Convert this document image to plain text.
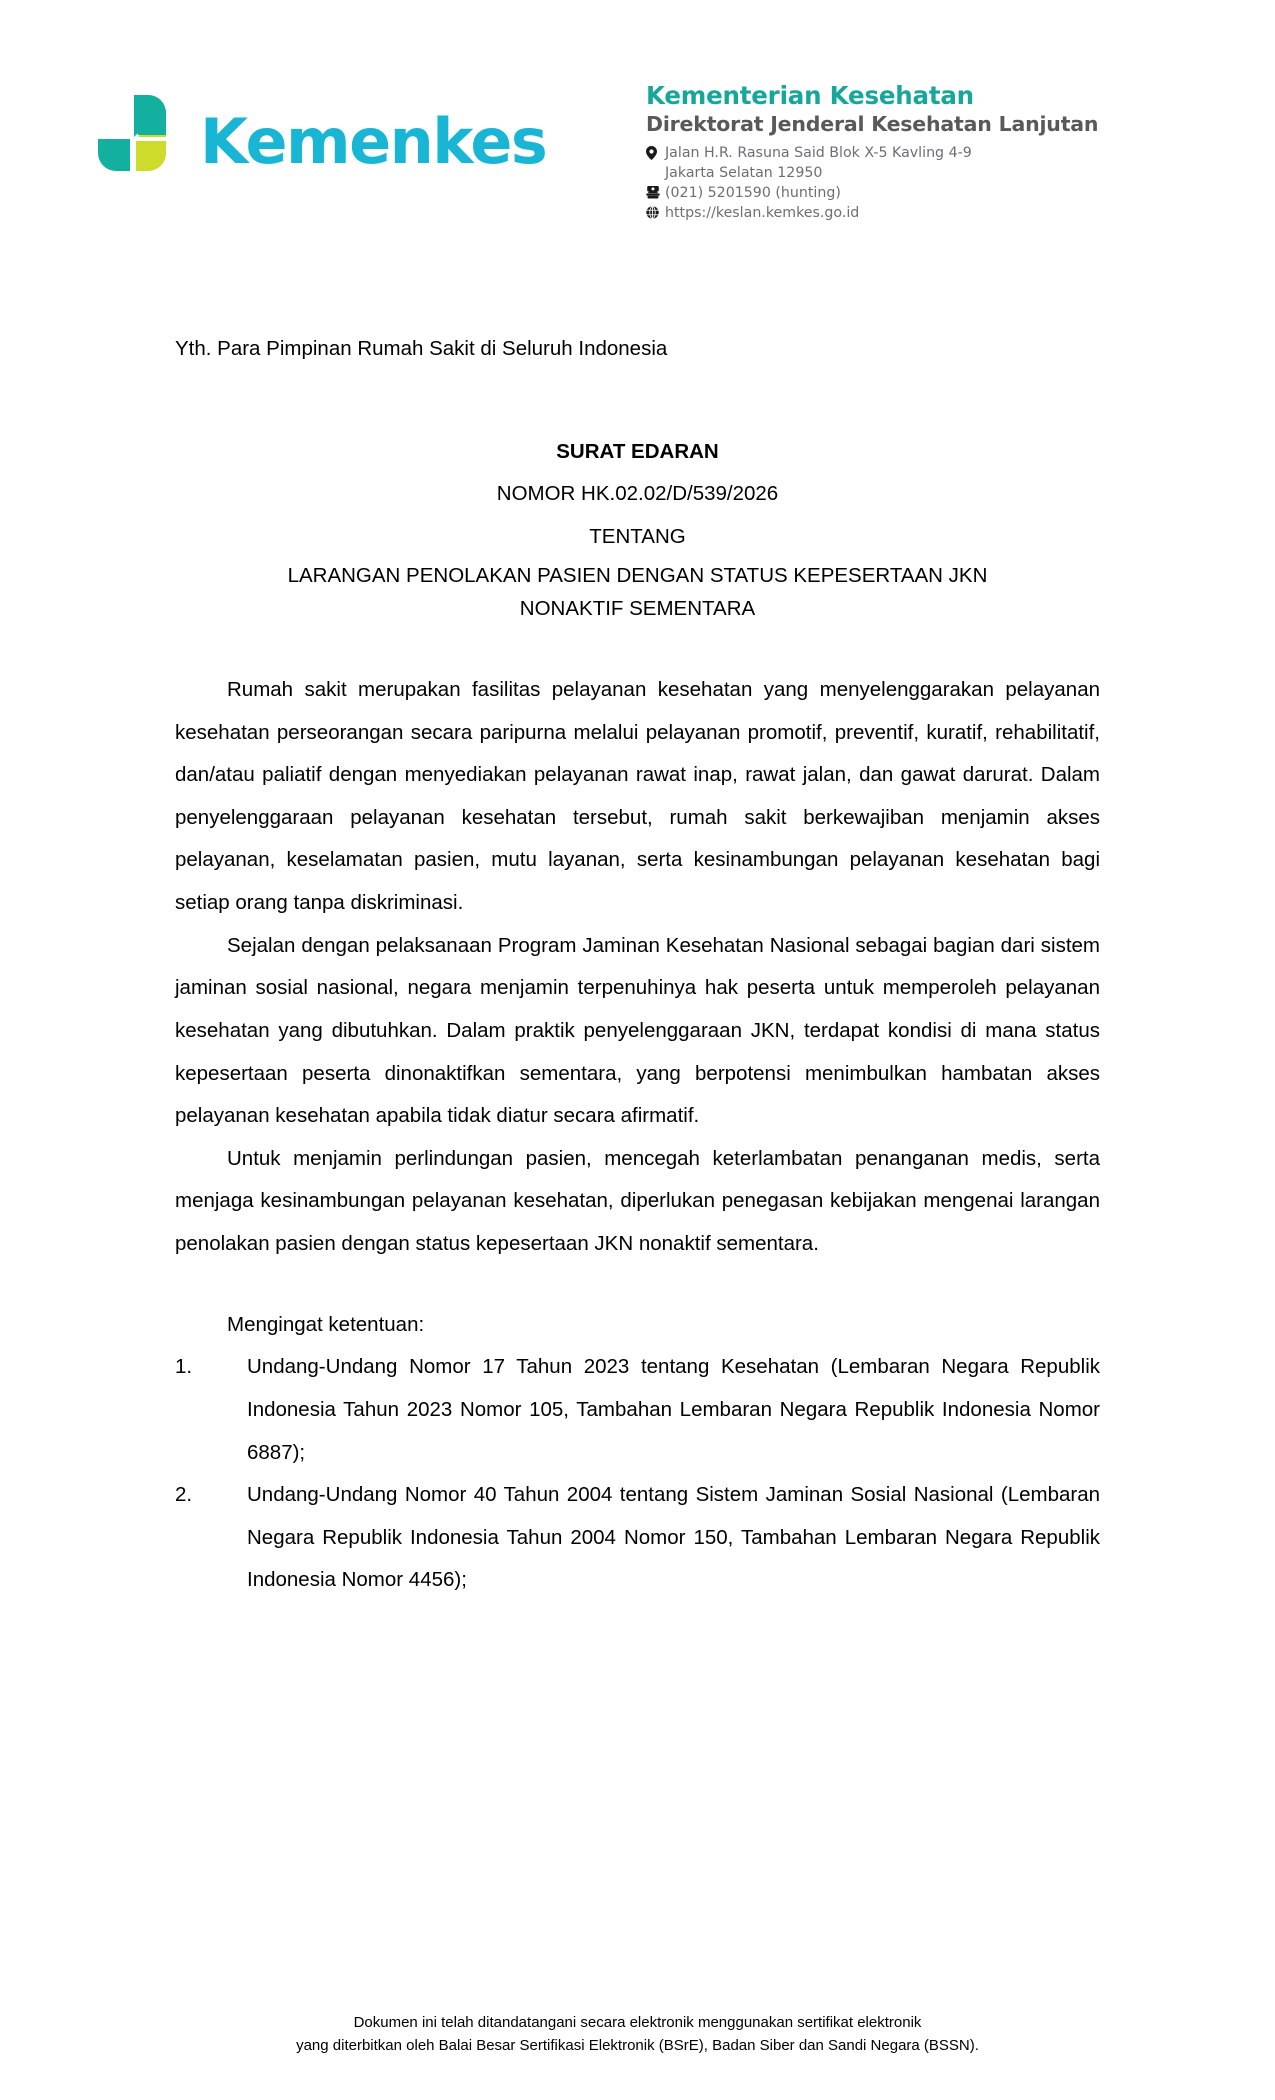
Kemenkes
Kementerian Kesehatan
Direktorat Jenderal Kesehatan Lanjutan
Jalan H.R. Rasuna Said Blok X-5 Kavling 4-9
Jakarta Selatan 12950
(021) 5201590 (hunting)
https://keslan.kemkes.go.id
Yth. Para Pimpinan Rumah Sakit di Seluruh Indonesia
SURAT EDARAN
NOMOR HK.02.02/D/539/2026
TENTANG
LARANGAN PENOLAKAN PASIEN DENGAN STATUS KEPESERTAAN JKN
NONAKTIF SEMENTARA

Rumah sakit merupakan fasilitas pelayanan kesehatan yang menyelenggarakan pelayanan kesehatan perseorangan secara paripurna melalui pelayanan promotif, preventif, kuratif, rehabilitatif, dan/atau paliatif dengan menyediakan pelayanan rawat inap, rawat jalan, dan gawat darurat. Dalam penyelenggaraan pelayanan kesehatan tersebut, rumah sakit berkewajiban menjamin akses pelayanan, keselamatan pasien, mutu layanan, serta kesinambungan pelayanan kesehatan bagi setiap orang tanpa diskriminasi.

Sejalan dengan pelaksanaan Program Jaminan Kesehatan Nasional sebagai bagian dari sistem jaminan sosial nasional, negara menjamin terpenuhinya hak peserta untuk memperoleh pelayanan kesehatan yang dibutuhkan. Dalam praktik penyelenggaraan JKN, terdapat kondisi di mana status kepesertaan peserta dinonaktifkan sementara, yang berpotensi menimbulkan hambatan akses pelayanan kesehatan apabila tidak diatur secara afirmatif.

Untuk menjamin perlindungan pasien, mencegah keterlambatan penanganan medis, serta menjaga kesinambungan pelayanan kesehatan, diperlukan penegasan kebijakan mengenai larangan penolakan pasien dengan status kepesertaan JKN nonaktif sementara.

Mengingat ketentuan:

1.	Undang-Undang Nomor 17 Tahun 2023 tentang Kesehatan (Lembaran Negara Republik Indonesia Tahun 2023 Nomor 105, Tambahan Lembaran Negara Republik Indonesia Nomor 6887);
2.	Undang-Undang Nomor 40 Tahun 2004 tentang Sistem Jaminan Sosial Nasional (Lembaran Negara Republik Indonesia Tahun 2004 Nomor 150, Tambahan Lembaran Negara Republik Indonesia Nomor 4456);
Dokumen ini telah ditandatangani secara elektronik menggunakan sertifikat elektronik
yang diterbitkan oleh Balai Besar Sertifikasi Elektronik (BSrE), Badan Siber dan Sandi Negara (BSSN).
